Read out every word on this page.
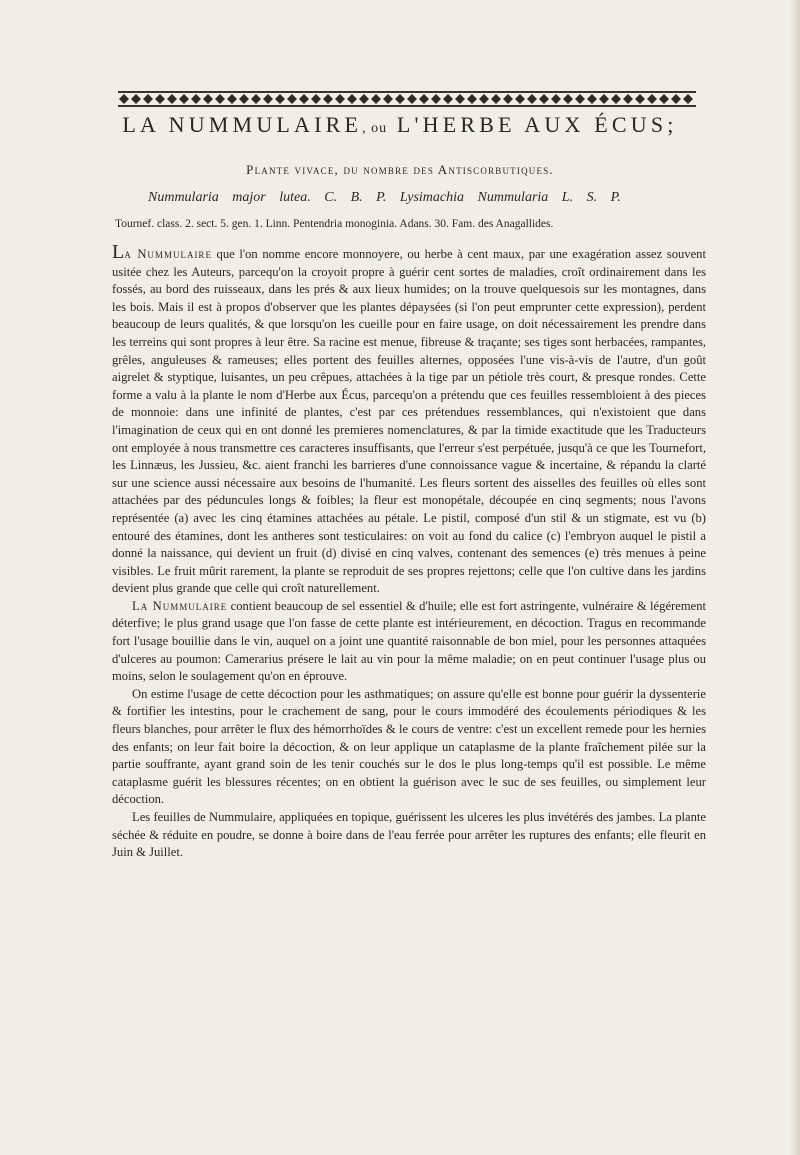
LA NUMMULAIRE, ou L'HERBE AUX ÉCUS;
Plante vivace, du nombre des Antiscorbutiques.
Nummularia major lutea. C. B. P. Lysimachia Nummularia L. S. P.
Tournef. class. 2. sect. 5. gen. 1. Linn. Pentendria monoginia. Adans. 30. Fam. des Anagallides.

La Nummulaire que l'on nomme encore monnoyere, ou herbe à cent maux, par une exagération assez souvent usitée chez les Auteurs, parcequ'on la croyoit propre à guérir cent sortes de maladies, croît ordinairement dans les fossés, au bord des ruisseaux, dans les prés & aux lieux humides; on la trouve quelquesois sur les montagnes, dans les bois. Mais il est à propos d'observer que les plantes dépaysées (si l'on peut emprunter cette expression), perdent beaucoup de leurs qualités, & que lorsqu'on les cueille pour en faire usage, on doit nécessairement les prendre dans les terreins qui sont propres à leur être. Sa racine est menue, fibreuse & traçante; ses tiges sont herbacées, rampantes, grêles, anguleuses & rameuses; elles portent des feuilles alternes, opposées l'une vis-à-vis de l'autre, d'un goût aigrelet & styptique, luisantes, un peu crêpues, attachées à la tige par un pétiole très court, & presque rondes. Cette forme a valu à la plante le nom d'Herbe aux Écus, parcequ'on a prétendu que ces feuilles ressembloient à des pieces de monnoie: dans une infinité de plantes, c'est par ces prétendues ressemblances, qui n'existoient que dans l'imagination de ceux qui en ont donné les premieres nomenclatures, & par la timide exactitude que les Traducteurs ont employée à nous transmettre ces caracteres insuffisants, que l'erreur s'est perpétuée, jusqu'à ce que les Tournefort, les Linnæus, les Jussieu, &c. aient franchi les barrieres d'une connoissance vague & incertaine, & répandu la clarté sur une science aussi nécessaire aux besoins de l'humanité. Les fleurs sortent des aisselles des feuilles où elles sont attachées par des péduncules longs & foibles; la fleur est monopétale, découpée en cinq segments; nous l'avons représentée (a) avec les cinq étamines attachées au pétale. Le pistil, composé d'un stil & un stigmate, est vu (b) entouré des étamines, dont les antheres sont testiculaires: on voit au fond du calice (c) l'embryon auquel le pistil a donné la naissance, qui devient un fruit (d) divisé en cinq valves, contenant des semences (e) très menues à peine visibles. Le fruit mûrit rarement, la plante se reproduit de ses propres rejettons; celle que l'on cultive dans les jardins devient plus grande que celle qui croît naturellement.

La Nummulaire contient beaucoup de sel essentiel & d'huile; elle est fort astringente, vulnéraire & légérement déterfive; le plus grand usage que l'on fasse de cette plante est intérieurement, en décoction. Tragus en recommande fort l'usage bouillie dans le vin, auquel on a joint une quantité raisonnable de bon miel, pour les personnes attaquées d'ulceres au poumon: Camerarius présere le lait au vin pour la même maladie; on en peut continuer l'usage plus ou moins, selon le soulagement qu'on en éprouve.

On estime l'usage de cette décoction pour les asthmatiques; on assure qu'elle est bonne pour guérir la dyssenterie & fortifier les intestins, pour le crachement de sang, pour le cours immodéré des écoulements périodiques & les fleurs blanches, pour arrêter le flux des hémorrhoïdes & le cours de ventre: c'est un excellent remede pour les hernies des enfants; on leur fait boire la décoction, & on leur applique un cataplasme de la plante fraîchement pilée sur la partie souffrante, ayant grand soin de les tenir couchés sur le dos le plus long-temps qu'il est possible. Le même cataplasme guérit les blessures récentes; on en obtient la guérison avec le suc de ses feuilles, ou simplement leur décoction.

Les feuilles de Nummulaire, appliquées en topique, guérissent les ulceres les plus invétérés des jambes. La plante séchée & réduite en poudre, se donne à boire dans de l'eau ferrée pour arrêter les ruptures des enfants; elle fleurit en Juin & Juillet.
